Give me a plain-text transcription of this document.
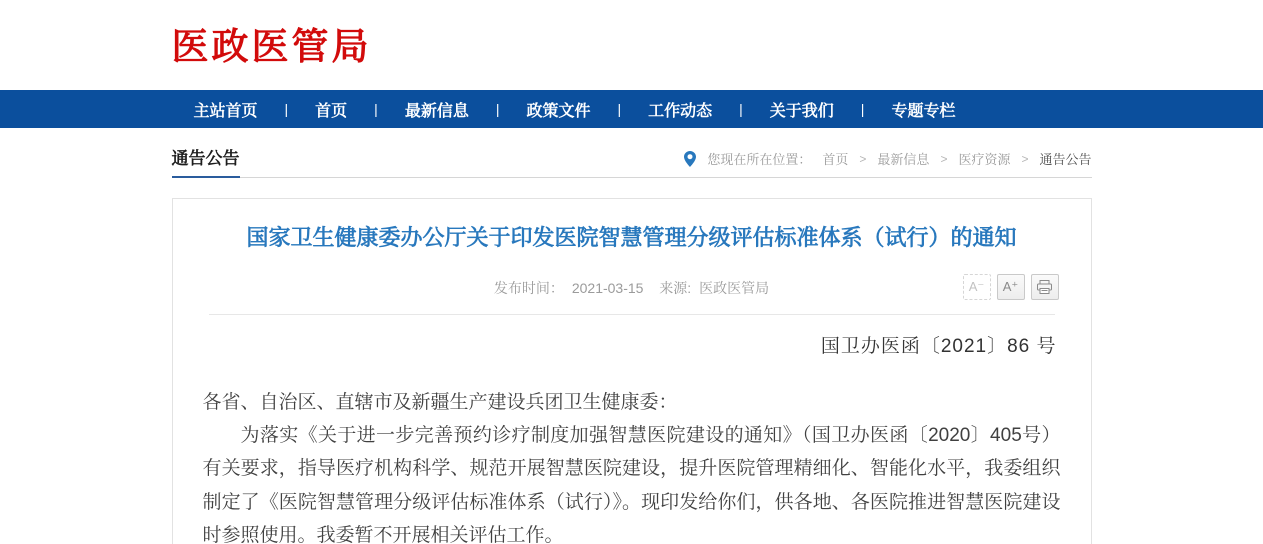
医政医管局
主站首页 | 首页 | 最新信息 | 政策文件 | 工作动态 | 关于我们 | 专题专栏
通告公告	您现在所在位置： 首页 > 最新信息 > 医疗资源 > 通告公告
国家卫生健康委办公厅关于印发医院智慧管理分级评估标准体系（试行）的通知
发布时间： 2021-03-15 来源: 医政医管局	A⁻	A⁺
国卫办医函〔2021〕86 号

各省、自治区、直辖市及新疆生产建设兵团卫生健康委：

为落实《关于进一步完善预约诊疗制度加强智慧医院建设的通知》（国卫办医函〔2020〕405号）有关要求，指导医疗机构科学、规范开展智慧医院建设，提升医院管理精细化、智能化水平，我委组织制定了《医院智慧管理分级评估标准体系（试行）》。现印发给你们，供各地、各医院推进智慧医院建设时参照使用。我委暂不开展相关评估工作。
